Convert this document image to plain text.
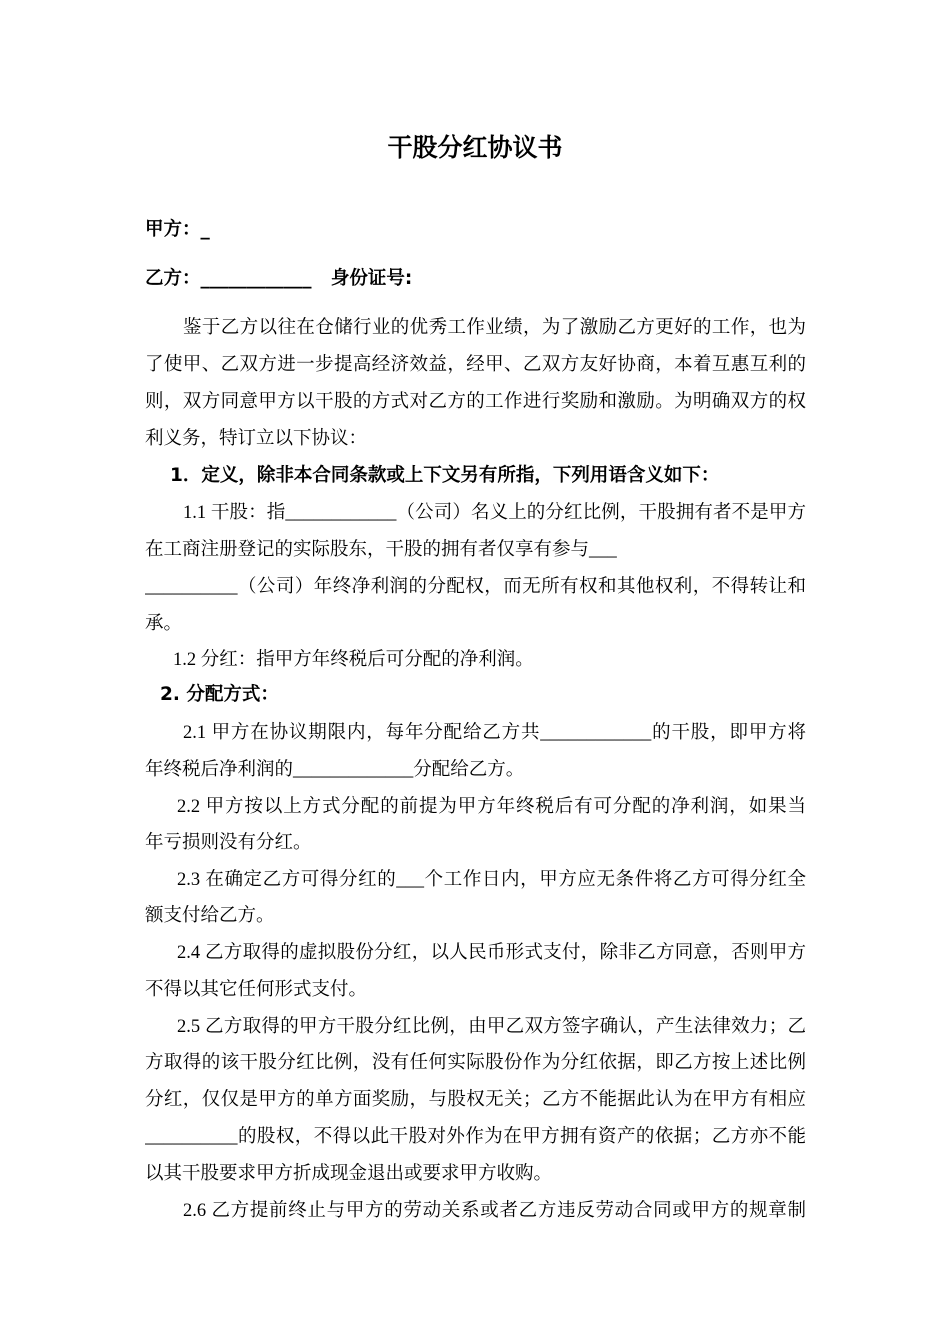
干股分红协议书
甲方：_
乙方：____________ 身份证号:
鉴于乙方以往在仓储行业的优秀工作业绩，为了激励乙方更好的工作，也为
了使甲、乙双方进一步提高经济效益，经甲、乙双方友好协商，本着互惠互利的
则，双方同意甲方以干股的方式对乙方的工作进行奖励和激励。为明确双方的权
利义务，特订立以下协议：
1．定义，除非本合同条款或上下文另有所指，下列用语含义如下：
1.1 干股：指____________（公司）名义上的分红比例，干股拥有者不是甲方
在工商注册登记的实际股东，干股的拥有者仅享有参与___
__________（公司）年终净利润的分配权，而无所有权和其他权利，不得转让和
承。
1.2 分红：指甲方年终税后可分配的净利润。
2. 分配方式：
2.1 甲方在协议期限内，每年分配给乙方共____________的干股，即甲方将
年终税后净利润的_____________分配给乙方。
2.2 甲方按以上方式分配的前提为甲方年终税后有可分配的净利润，如果当
年亏损则没有分红。
2.3 在确定乙方可得分红的___个工作日内，甲方应无条件将乙方可得分红全
额支付给乙方。
2.4 乙方取得的虚拟股份分红，以人民币形式支付，除非乙方同意，否则甲方
不得以其它任何形式支付。
2.5 乙方取得的甲方干股分红比例，由甲乙双方签字确认，产生法律效力；乙
方取得的该干股分红比例，没有任何实际股份作为分红依据，即乙方按上述比例
分红，仅仅是甲方的单方面奖励，与股权无关；乙方不能据此认为在甲方有相应
__________的股权，不得以此干股对外作为在甲方拥有资产的依据；乙方亦不能
以其干股要求甲方折成现金退出或要求甲方收购。
2.6 乙方提前终止与甲方的劳动关系或者乙方违反劳动合同或甲方的规章制
